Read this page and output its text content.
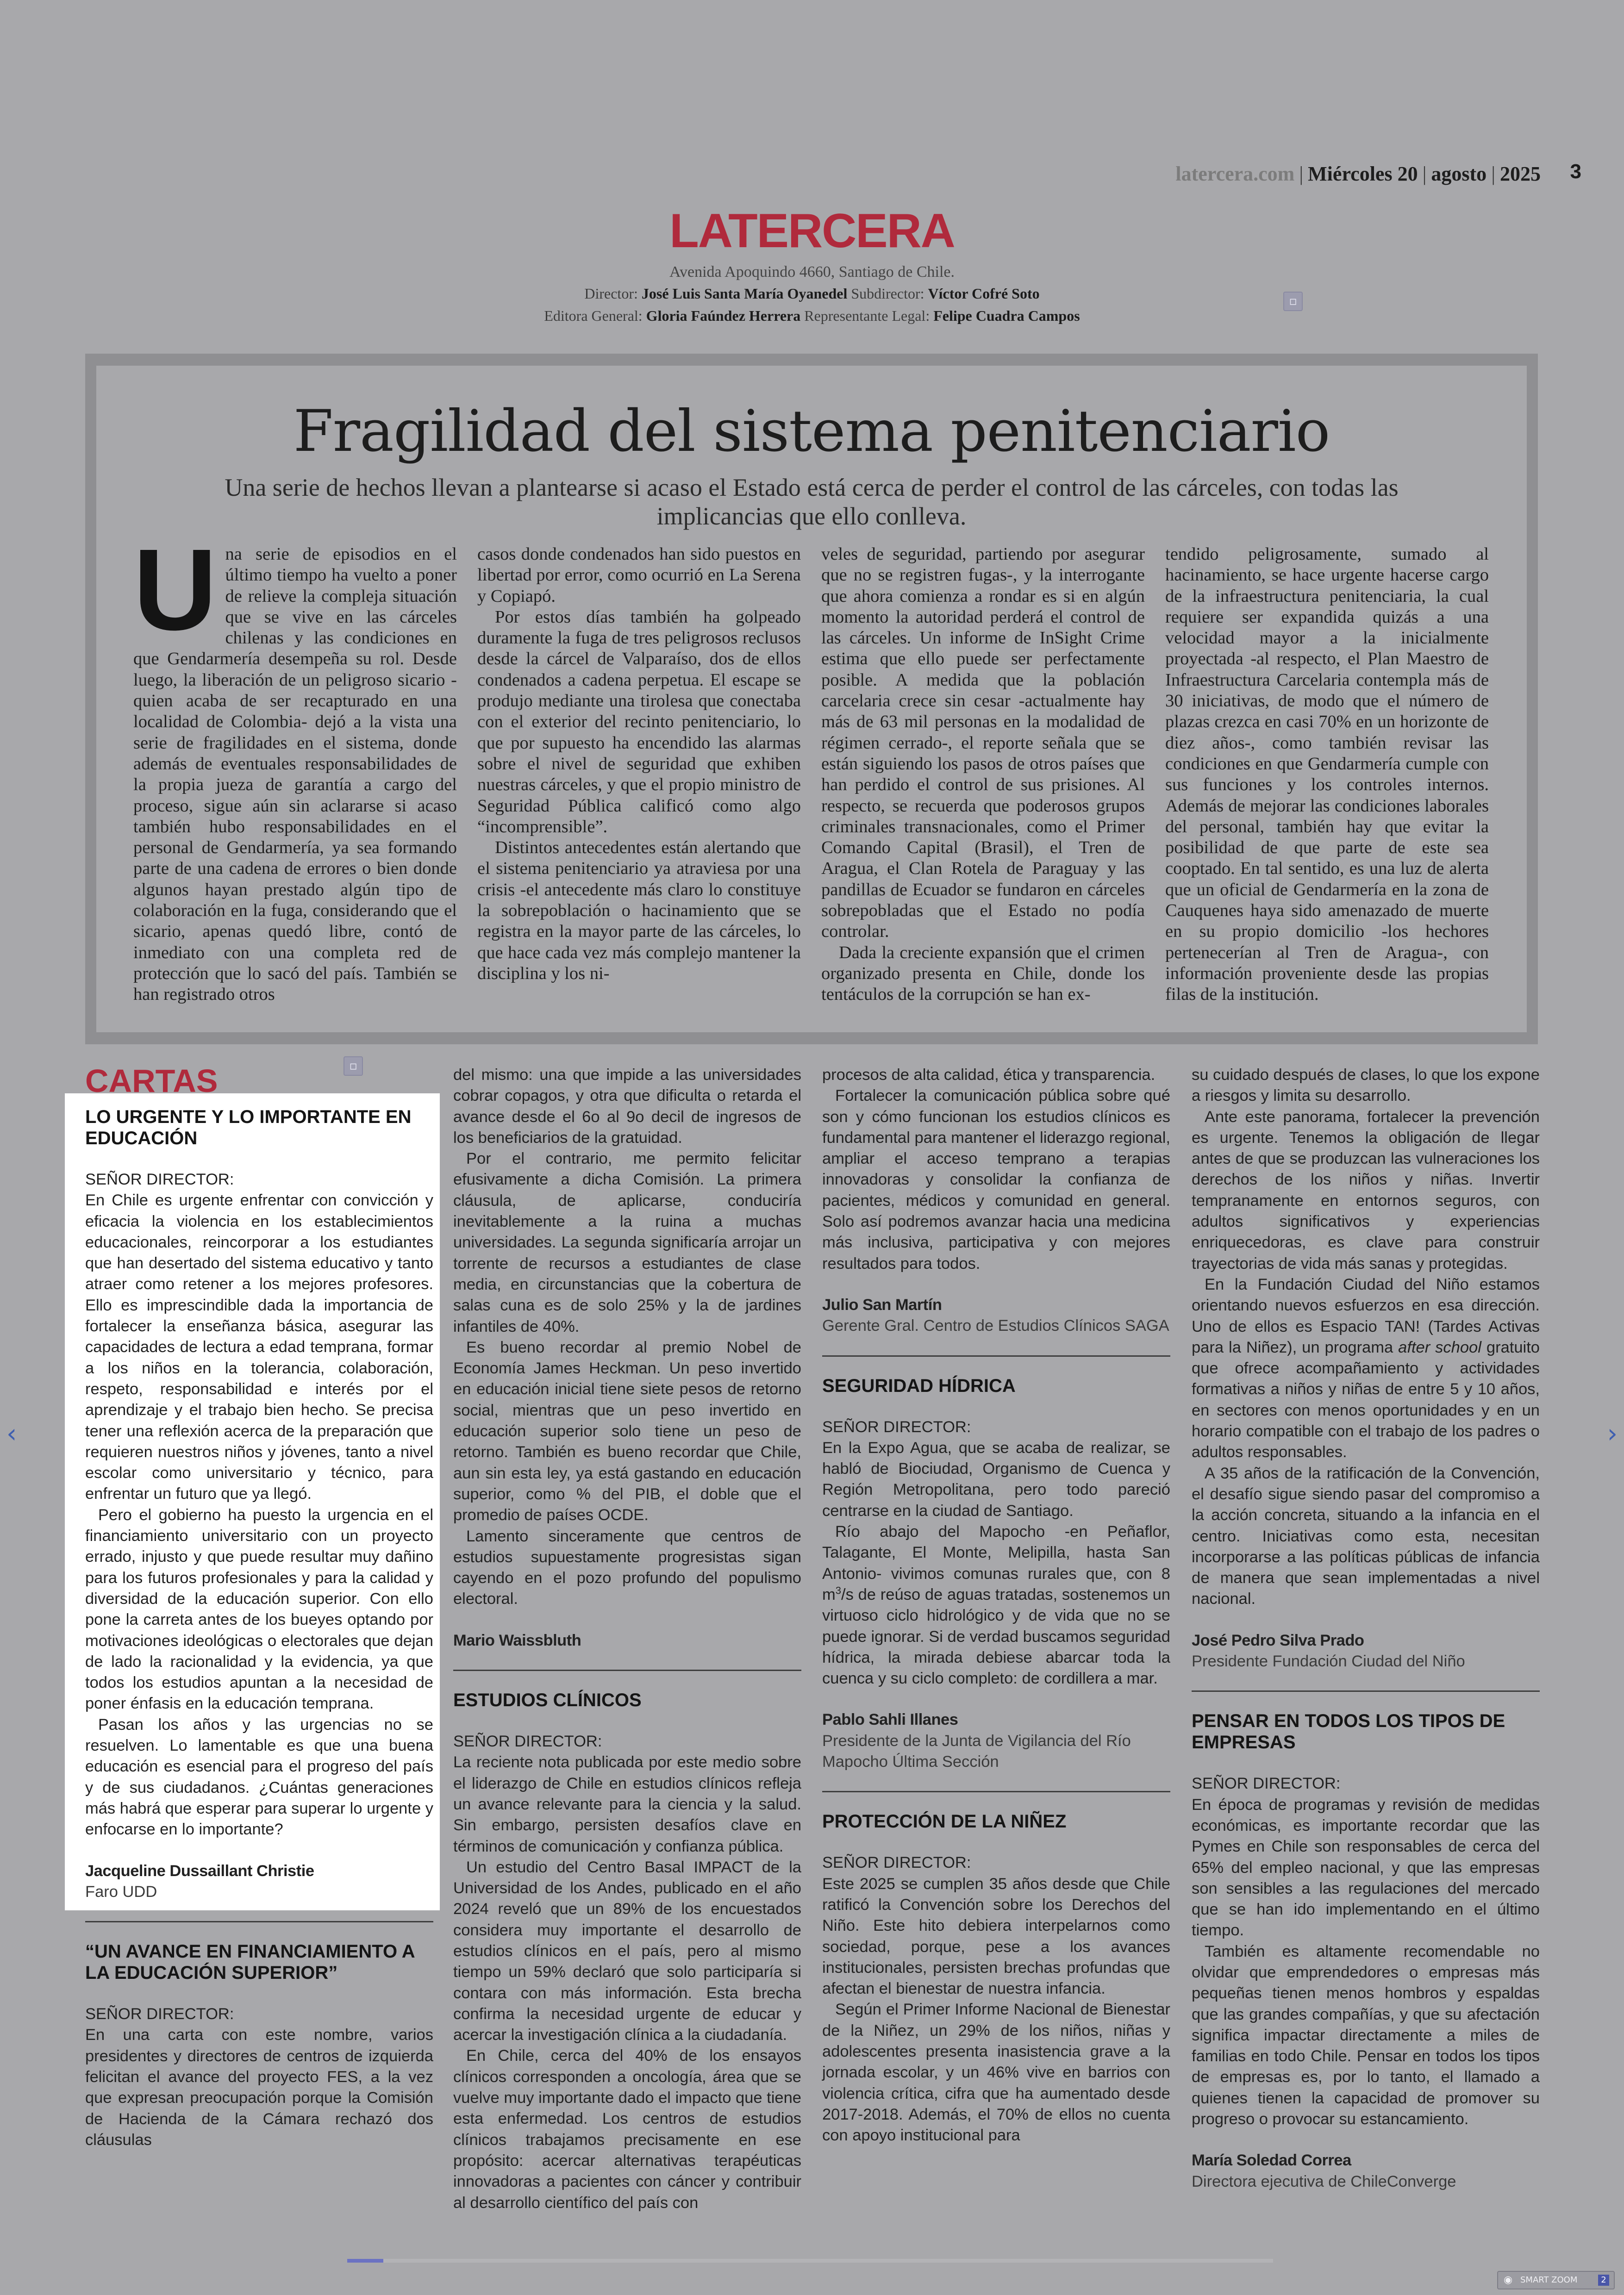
latercera.com | Miércoles 20 | agosto | 2025 3
LATERCERA
Avenida Apoquindo 4660, Santiago de Chile.
Director: José Luis Santa María Oyanedel Subdirector: Víctor Cofré Soto
Editora General: Gloria Faúndez Herrera Representante Legal: Felipe Cuadra Campos
▫
Fragilidad del sistema penitenciario
Una serie de hechos llevan a plantearse si acaso el Estado está cerca de perder el control de las cárceles, con todas las implicancias que ello conlleva.
U na serie de episodios en el último tiempo ha vuelto a poner de relieve la compleja situación que se vive en las cárceles chilenas y las condiciones en que Gendarmería desempeña su rol. Desde luego, la liberación de un peligroso sicario -quien acaba de ser recapturado en una localidad de Colombia- dejó a la vista una serie de fragilidades en el sistema, donde además de eventuales responsabilidades de la propia jueza de garantía a cargo del proceso, sigue aún sin aclararse si acaso también hubo responsabilidades en el personal de Gendarmería, ya sea formando parte de una cadena de errores o bien donde algunos hayan prestado algún tipo de colaboración en la fuga, considerando que el sicario, apenas quedó libre, contó de inmediato con una completa red de protección que lo sacó del país. También se han registrado otros

casos donde condenados han sido puestos en libertad por error, como ocurrió en La Serena y Copiapó.

Por estos días también ha golpeado duramente la fuga de tres peligrosos reclusos desde la cárcel de Valparaíso, dos de ellos condenados a cadena perpetua. El escape se produjo mediante una tirolesa que conectaba con el exterior del recinto penitenciario, lo que por supuesto ha encendido las alarmas sobre el nivel de seguridad que exhiben nuestras cárceles, y que el propio ministro de Seguridad Pública calificó como algo “incomprensible”.

Distintos antecedentes están alertando que el sistema penitenciario ya atraviesa por una crisis -el antecedente más claro lo constituye la sobrepoblación o hacinamiento que se registra en la mayor parte de las cárceles, lo que hace cada vez más complejo mantener la disciplina y los ni-

veles de seguridad, partiendo por asegurar que no se registren fugas-, y la interrogante que ahora comienza a rondar es si en algún momento la autoridad perderá el control de las cárceles. Un informe de InSight Crime estima que ello puede ser perfectamente posible. A medida que la población carcelaria crece sin cesar -actualmente hay más de 63 mil personas en la modalidad de régimen cerrado-, el reporte señala que se están siguiendo los pasos de otros países que han perdido el control de sus prisiones. Al respecto, se recuerda que poderosos grupos criminales transnacionales, como el Primer Comando Capital (Brasil), el Tren de Aragua, el Clan Rotela de Paraguay y las pandillas de Ecuador se fundaron en cárceles sobrepobladas que el Estado no podía controlar.

Dada la creciente expansión que el crimen organizado presenta en Chile, donde los tentáculos de la corrupción se han ex-

tendido peligrosamente, sumado al hacinamiento, se hace urgente hacerse cargo de la infraestructura penitenciaria, la cual requiere ser expandida quizás a una velocidad mayor a la inicialmente proyectada -al respecto, el Plan Maestro de Infraestructura Carcelaria contempla más de 30 iniciativas, de modo que el número de plazas crezca en casi 70% en un horizonte de diez años-, como también revisar las condiciones en que Gendarmería cumple con sus funciones y los controles internos. Además de mejorar las condiciones laborales del personal, también hay que evitar la posibilidad de que parte de este sea cooptado. En tal sentido, es una luz de alerta que un oficial de Gendarmería en la zona de Cauquenes haya sido amenazado de muerte en su propio domicilio -los hechores pertenecerían al Tren de Aragua-, con información proveniente desde las propias filas de la institución.

▫
CARTAS
LO URGENTE Y LO IMPORTANTE EN EDUCACIÓN
SEÑOR DIRECTOR:

En Chile es urgente enfrentar con convicción y eficacia la violencia en los establecimientos educacionales, reincorporar a los estudiantes que han desertado del sistema educativo y tanto atraer como retener a los mejores profesores. Ello es imprescindible dada la importancia de fortalecer la enseñanza básica, asegurar las capacidades de lectura a edad temprana, formar a los niños en la tolerancia, colaboración, respeto, responsabilidad e interés por el aprendizaje y el trabajo bien hecho. Se precisa tener una reflexión acerca de la preparación que requieren nuestros niños y jóvenes, tanto a nivel escolar como universitario y técnico, para enfrentar un futuro que ya llegó.

Pero el gobierno ha puesto la urgencia en el financiamiento universitario con un proyecto errado, injusto y que puede resultar muy dañino para los futuros profesionales y para la calidad y diversidad de la educación superior. Con ello pone la carreta antes de los bueyes optando por motivaciones ideológicas o electorales que dejan de lado la racionalidad y la evidencia, ya que todos los estudios apuntan a la necesidad de poner énfasis en la educación temprana.

Pasan los años y las urgencias no se resuelven. Lo lamentable es que una buena educación es esencial para el progreso del país y de sus ciudadanos. ¿Cuántas generaciones más habrá que esperar para superar lo urgente y enfocarse en lo importante?

Jacqueline Dussaillant Christie
Faro UDD
“UN AVANCE EN FINANCIAMIENTO A LA EDUCACIÓN SUPERIOR”
SEÑOR DIRECTOR:

En una carta con este nombre, varios presidentes y directores de centros de izquierda felicitan el avance del proyecto FES, a la vez que expresan preocupación porque la Comisión de Hacienda de la Cámara rechazó dos cláusulas

del mismo: una que impide a las universidades cobrar copagos, y otra que dificulta o retarda el avance desde el 6o al 9o decil de ingresos de los beneficiarios de la gratuidad.

Por el contrario, me permito felicitar efusivamente a dicha Comisión. La primera cláusula, de aplicarse, conduciría inevitablemente a la ruina a muchas universidades. La segunda significaría arrojar un torrente de recursos a estudiantes de clase media, en circunstancias que la cobertura de salas cuna es de solo 25% y la de jardines infantiles de 40%.

Es bueno recordar al premio Nobel de Economía James Heckman. Un peso invertido en educación inicial tiene siete pesos de retorno social, mientras que un peso invertido en educación superior solo tiene un peso de retorno. También es bueno recordar que Chile, aun sin esta ley, ya está gastando en educación superior, como % del PIB, el doble que el promedio de países OCDE.

Lamento sinceramente que centros de estudios supuestamente progresistas sigan cayendo en el pozo profundo del populismo electoral.

Mario Waissbluth
ESTUDIOS CLÍNICOS
SEÑOR DIRECTOR:

La reciente nota publicada por este medio sobre el liderazgo de Chile en estudios clínicos refleja un avance relevante para la ciencia y la salud. Sin embargo, persisten desafíos clave en términos de comunicación y confianza pública.

Un estudio del Centro Basal IMPACT de la Universidad de los Andes, publicado en el año 2024 reveló que un 89% de los encuestados considera muy importante el desarrollo de estudios clínicos en el país, pero al mismo tiempo un 59% declaró que solo participaría si contara con más información. Esta brecha confirma la necesidad urgente de educar y acercar la investigación clínica a la ciudadanía.

En Chile, cerca del 40% de los ensayos clínicos corresponden a oncología, área que se vuelve muy importante dado el impacto que tiene esta enfermedad. Los centros de estudios clínicos trabajamos precisamente en ese propósito: acercar alternativas terapéuticas innovadoras a pacientes con cáncer y contribuir al desarrollo científico del país con

procesos de alta calidad, ética y transparencia.

Fortalecer la comunicación pública sobre qué son y cómo funcionan los estudios clínicos es fundamental para mantener el liderazgo regional, ampliar el acceso temprano a terapias innovadoras y consolidar la confianza de pacientes, médicos y comunidad en general. Solo así podremos avanzar hacia una medicina más inclusiva, participativa y con mejores resultados para todos.

Julio San Martín
Gerente Gral. Centro de Estudios Clínicos SAGA
SEGURIDAD HÍDRICA
SEÑOR DIRECTOR:

En la Expo Agua, que se acaba de realizar, se habló de Biociudad, Organismo de Cuenca y Región Metropolitana, pero todo pareció centrarse en la ciudad de Santiago.

Río abajo del Mapocho -en Peñaflor, Talagante, El Monte, Melipilla, hasta San Antonio- vivimos comunas rurales que, con 8 $m^3/s$ de reúso de aguas tratadas, sostenemos un virtuoso ciclo hidrológico y de vida que no se puede ignorar. Si de verdad buscamos seguridad hídrica, la mirada debiese abarcar toda la cuenca y su ciclo completo: de cordillera a mar.

Pablo Sahli Illanes
Presidente de la Junta de Vigilancia del Río Mapocho Última Sección
PROTECCIÓN DE LA NIÑEZ
SEÑOR DIRECTOR:

Este 2025 se cumplen 35 años desde que Chile ratificó la Convención sobre los Derechos del Niño. Este hito debiera interpelarnos como sociedad, porque, pese a los avances institucionales, persisten brechas profundas que afectan el bienestar de nuestra infancia.

Según el Primer Informe Nacional de Bienestar de la Niñez, un 29% de los niños, niñas y adolescentes presenta inasistencia grave a la jornada escolar, y un 46% vive en barrios con violencia crítica, cifra que ha aumentado desde 2017-2018. Además, el 70% de ellos no cuenta con apoyo institucional para

su cuidado después de clases, lo que los expone a riesgos y limita su desarrollo.

Ante este panorama, fortalecer la prevención es urgente. Tenemos la obligación de llegar antes de que se produzcan las vulneraciones los derechos de los niños y niñas. Invertir tempranamente en entornos seguros, con adultos significativos y experiencias enriquecedoras, es clave para construir trayectorias de vida más sanas y protegidas.

En la Fundación Ciudad del Niño estamos orientando nuevos esfuerzos en esa dirección. Uno de ellos es Espacio TAN! (Tardes Activas para la Niñez), un programa after school gratuito que ofrece acompañamiento y actividades formativas a niños y niñas de entre 5 y 10 años, en sectores con menos oportunidades y en un horario compatible con el trabajo de los padres o adultos responsables.

A 35 años de la ratificación de la Convención, el desafío sigue siendo pasar del compromiso a la acción concreta, situando a la infancia en el centro. Iniciativas como esta, necesitan incorporarse a las políticas públicas de infancia de manera que sean implementadas a nivel nacional.

José Pedro Silva Prado
Presidente Fundación Ciudad del Niño
PENSAR EN TODOS LOS TIPOS DE EMPRESAS
SEÑOR DIRECTOR:

En época de programas y revisión de medidas económicas, es importante recordar que las Pymes en Chile son responsables de cerca del 65% del empleo nacional, y que las empresas son sensibles a las regulaciones del mercado que se han ido implementando en el último tiempo.

También es altamente recomendable no olvidar que emprendedores o empresas más pequeñas tienen menos hombros y espaldas que las grandes compañías, y que su afectación significa impactar directamente a miles de familias en todo Chile. Pensar en todos los tipos de empresas es, por lo tanto, el llamado a quienes tienen la capacidad de promover su progreso o provocar su estancamiento.

María Soledad Correa
Directora ejecutiva de ChileConverge
‹	›
◉ SMART ZOOM	2
